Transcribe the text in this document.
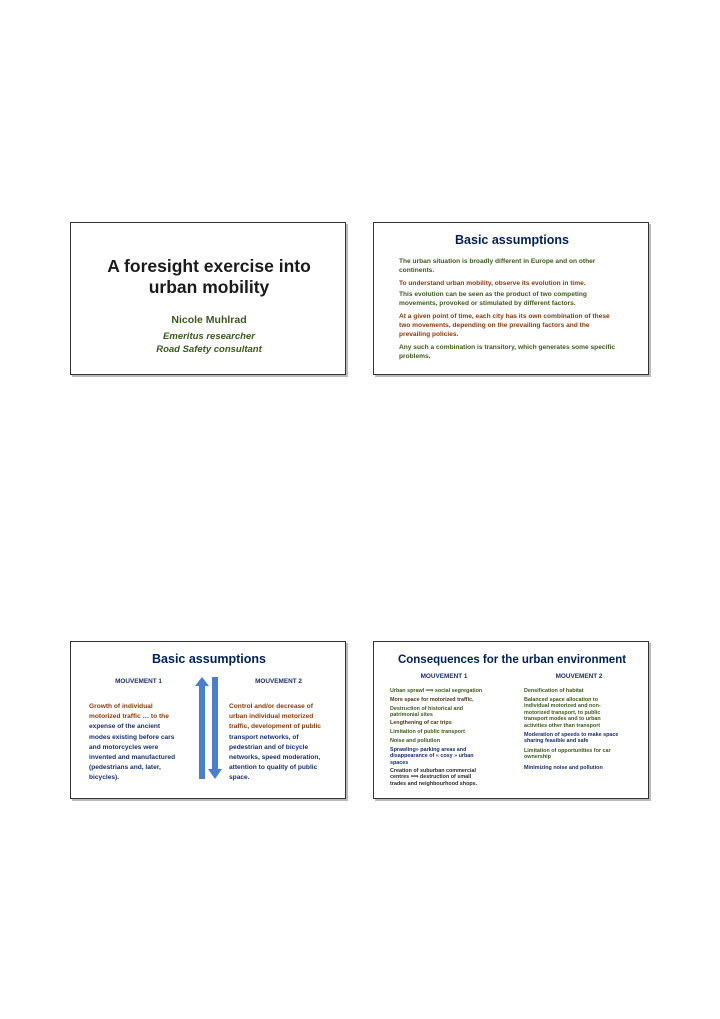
A foresight exercise into
urban mobility
Nicole Muhlrad
Emeritus researcher
Road Safety consultant
Basic assumptions
The urban situation is broadly different in Europe and on other
continents.
To understand urban mobility, observe its evolution in time.
This evolution can be seen as the product of two competing
movements, provoked or stimulated by different factors.
At a given point of time, each city has its own combination of these
two movements, depending on the prevailing factors and the
prevailing policies.
Any such a combination is transitory, which generates some specific
problems.
Basic assumptions
MOUVEMENT 1	MOUVEMENT 2
Growth of individual
motorized traffic … to the
expense of the ancient
modes existing before cars
and motorcycles were
invented and manufactured
(pedestrians and, later,
bicycles).
Control and/or decrease of
urban individual motorized
traffic, development of public
transport networks, of
pedestrian and of bicycle
networks, speed moderation,
attention to quality of public
space.
Consequences for the urban environment
MOUVEMENT 1	MOUVEMENT 2
Urban sprawl ⟹ social segregation
More space for motorized traffic,
Destruction of historical and
patrimonial sites
Lengthening of car trips
Limitation of public transport
Noise and pollution
Sprawling» parking areas and
disappearance of « cosy » urban
spaces
Creation of suburban commercial
centres ⟹ destruction of small
trades and neighbourhood shops.
Densification of habitat
Balanced space allocation to
individual motorized and non-
motorized transport, to public
transport modes and to urban
activities other than transport
Moderation of speeds to make space
sharing feasible and safe
Limitation of opportunities for car
ownership
Minimizing noise and pollution
